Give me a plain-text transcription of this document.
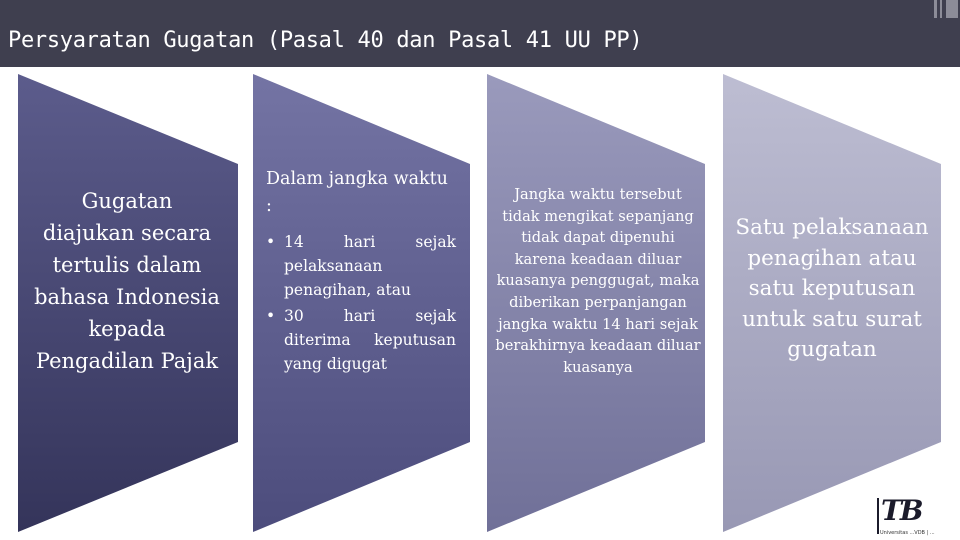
Persyaratan Gugatan (Pasal 40 dan Pasal 41 UU PP)
Gugatan diajukan secara tertulis dalam bahasa Indonesia kepada Pengadilan Pajak
Dalam jangka waktu :
• 14 hari sejak pelaksanaan penagihan, atau
• 30 hari sejak diterima keputusan yang digugat
Jangka waktu tersebut tidak mengikat sepanjang tidak dapat dipenuhi karena keadaan diluar kuasanya penggugat, maka diberikan perpanjangan jangka waktu 14 hari sejak berakhirnya keadaan diluar kuasanya
Satu pelaksanaan penagihan atau satu keputusan untuk satu surat gugatan
TB
Universitas ...VDB | ...
